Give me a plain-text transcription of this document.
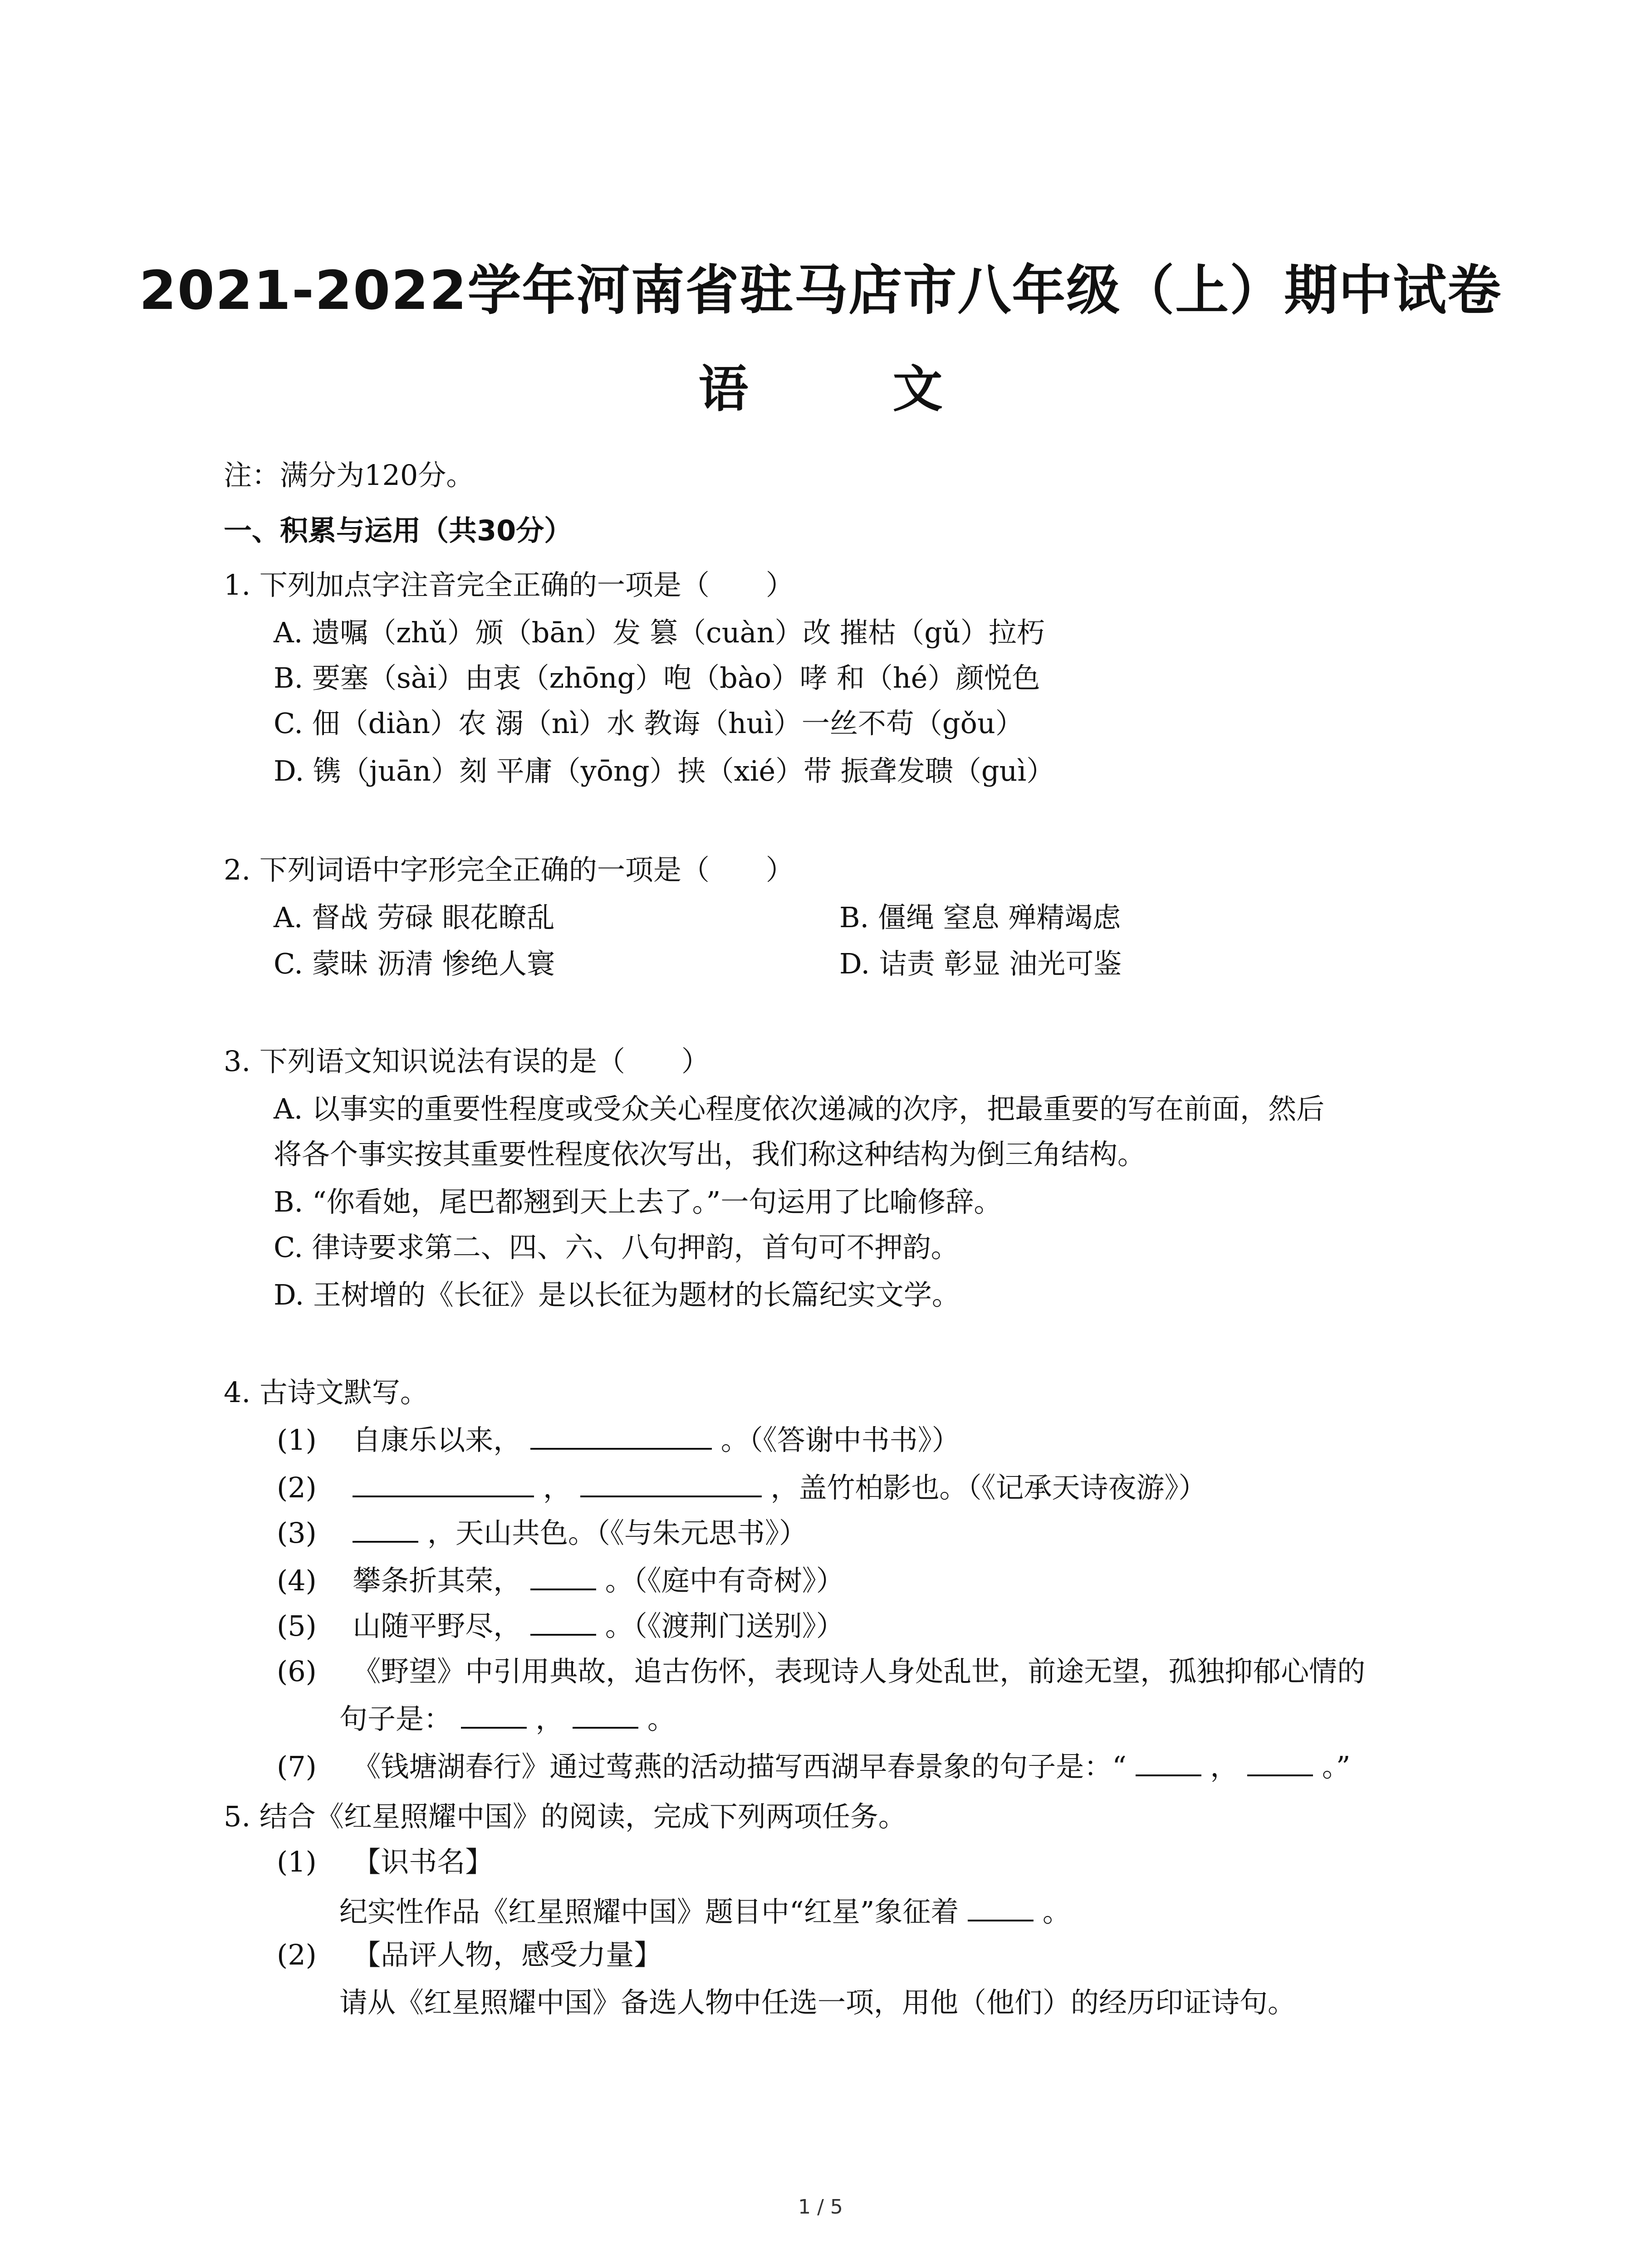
2021-2022学年河南省驻马店市八年级（上）期中试卷
语 文
注：满分为120分。
一、积累与运用（共30分）
1. 下列加点字注音完全正确的一项是（　　）
A. 遗嘱（zhǔ）颁（bān）发 篡（cuàn）改 摧枯（gǔ）拉朽
B. 要塞（sài）由衷（zhōng）咆（bào）哮 和（hé）颜悦色
C. 佃（diàn）农 溺（nì）水 教诲（huì）一丝不苟（gǒu）
D. 镌（juān）刻 平庸（yōng）挟（xié）带 振聋发聩（guì）
2. 下列词语中字形完全正确的一项是（　　）
A. 督战 劳碌 眼花瞭乱	B. 僵绳 窒息 殚精竭虑
C. 蒙昧 沥清 惨绝人寰	D. 诘责 彰显 油光可鉴
3. 下列语文知识说法有误的是（　　）
A. 以事实的重要性程度或受众关心程度依次递减的次序，把最重要的写在前面，然后
将各个事实按其重要性程度依次写出，我们称这种结构为倒三角结构。
B. “你看她，尾巴都翘到天上去了。”一句运用了比喻修辞。
C. 律诗要求第二、四、六、八句押韵，首句可不押韵。
D. 王树增的《长征》是以长征为题材的长篇纪实文学。
4. 古诗文默写。
(1) 自康乐以来，	。（《答谢中书书》）
(2)	，	，盖竹柏影也。（《记承天诗夜游》）
(3)	，天山共色。（《与朱元思书》）
(4) 攀条折其荣，	。（《庭中有奇树》）
(5) 山随平野尽，	。（《渡荆门送别》）
(6) 《野望》中引用典故，追古伤怀，表现诗人身处乱世，前途无望，孤独抑郁心情的
句子是：	，	。
(7) 《钱塘湖春行》通过莺燕的活动描写西湖早春景象的句子是：“	，	。”
5. 结合《红星照耀中国》的阅读，完成下列两项任务。
(1) 【识书名】
纪实性作品《红星照耀中国》题目中“红星”象征着	。
(2) 【品评人物，感受力量】
请从《红星照耀中国》备选人物中任选一项，用他（他们）的经历印证诗句。
1 / 5
